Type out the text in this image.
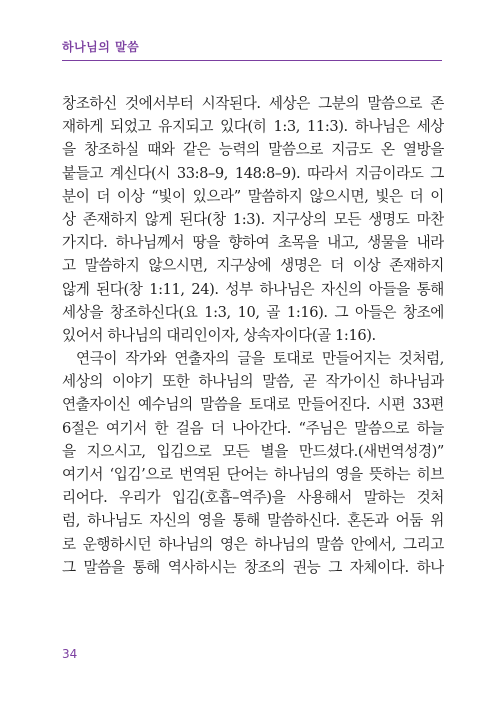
하나님의 말씀
창조하신 것에서부터 시작된다. 세상은 그분의 말씀으로 존
재하게 되었고 유지되고 있다(히 1:3, 11:3). 하나님은 세상
을 창조하실 때와 같은 능력의 말씀으로 지금도 온 열방을
붙들고 계신다(시 33:8–9, 148:8–9). 따라서 지금이라도 그
분이 더 이상 “빛이 있으라” 말씀하지 않으시면, 빛은 더 이
상 존재하지 않게 된다(창 1:3). 지구상의 모든 생명도 마찬
가지다. 하나님께서 땅을 향하여 초목을 내고, 생물을 내라
고 말씀하지 않으시면, 지구상에 생명은 더 이상 존재하지
않게 된다(창 1:11, 24). 성부 하나님은 자신의 아들을 통해
세상을 창조하신다(요 1:3, 10, 골 1:16). 그 아들은 창조에
있어서 하나님의 대리인이자, 상속자이다(골 1:16).
연극이 작가와 연출자의 글을 토대로 만들어지는 것처럼,
세상의 이야기 또한 하나님의 말씀, 곧 작가이신 하나님과
연출자이신 예수님의 말씀을 토대로 만들어진다. 시편 33편
6절은 여기서 한 걸음 더 나아간다. “주님은 말씀으로 하늘
을 지으시고, 입김으로 모든 별을 만드셨다.(새번역성경)”
여기서 ‘입김’으로 번역된 단어는 하나님의 영을 뜻하는 히브
리어다. 우리가 입김(호흡–역주)을 사용해서 말하는 것처
럼, 하나님도 자신의 영을 통해 말씀하신다. 혼돈과 어둠 위
로 운행하시던 하나님의 영은 하나님의 말씀 안에서, 그리고
그 말씀을 통해 역사하시는 창조의 권능 그 자체이다. 하나
34
